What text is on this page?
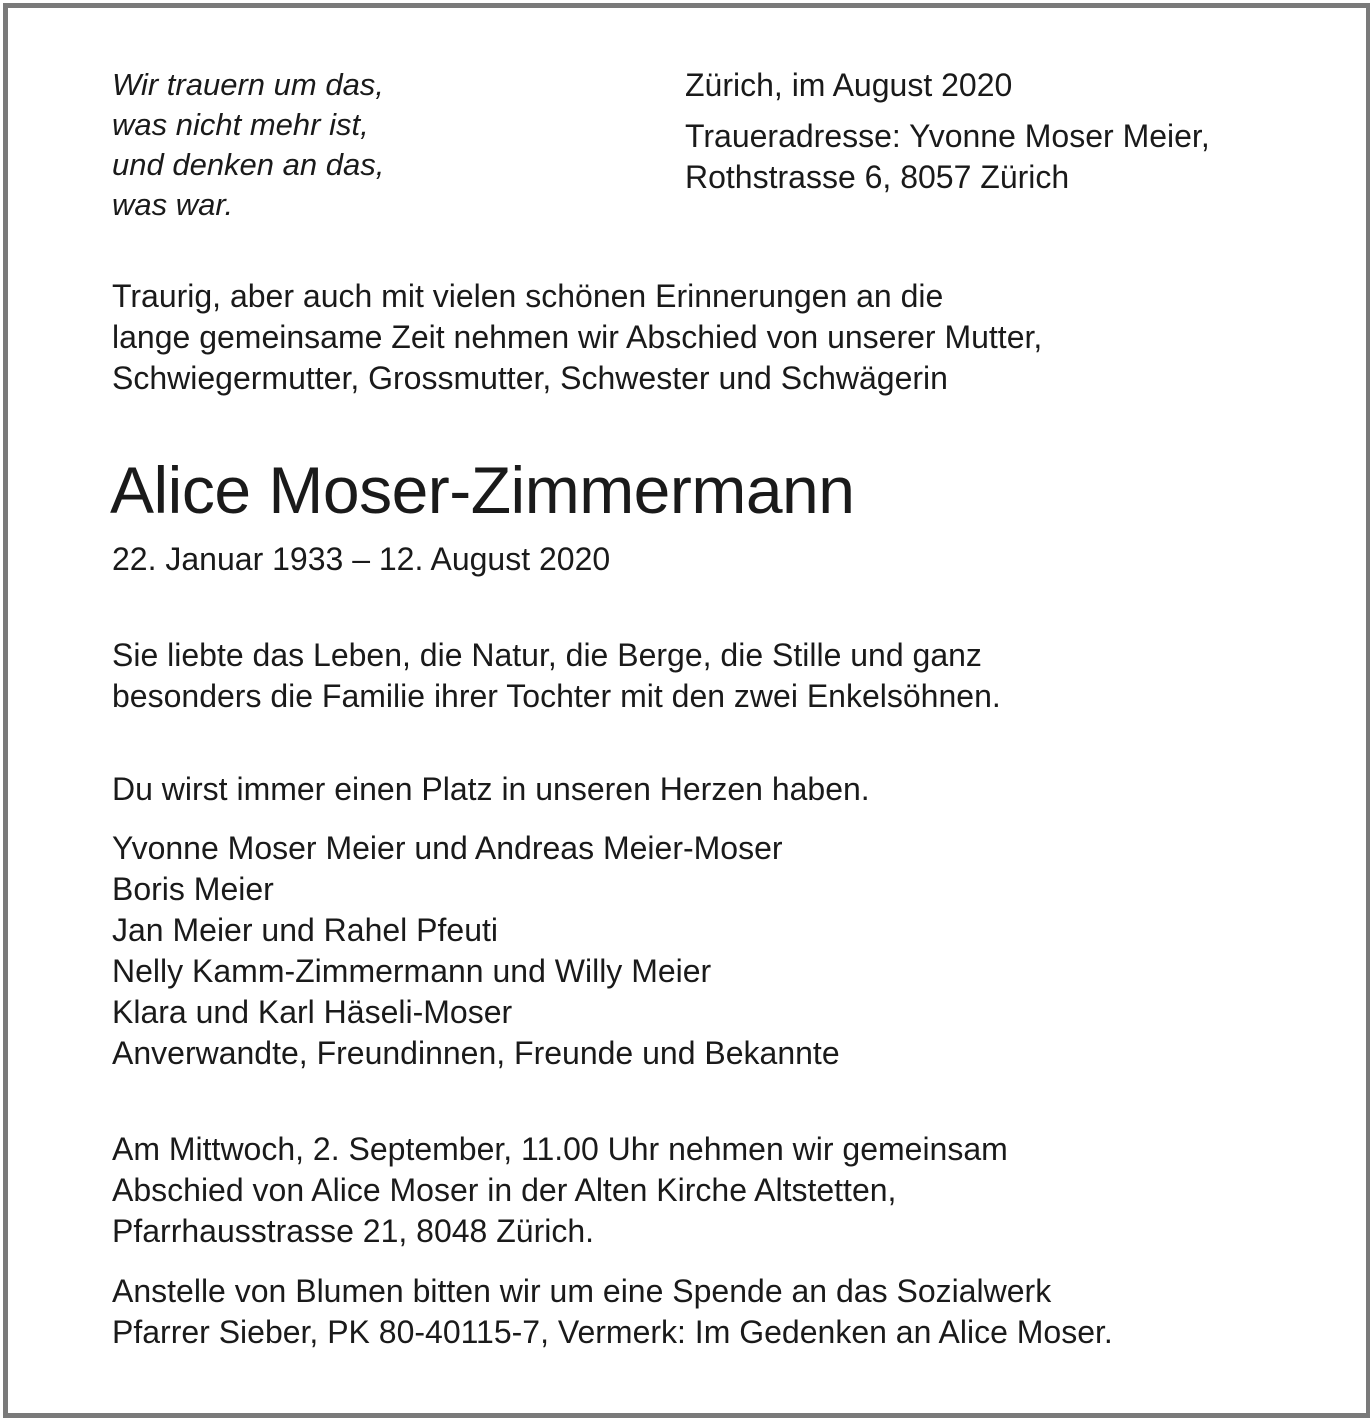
Wir trauern um das,
was nicht mehr ist,
und denken an das,
was war.
Zürich, im August 2020
Traueradresse: Yvonne Moser Meier,
Rothstrasse 6, 8057 Zürich
Traurig, aber auch mit vielen schönen Erinnerungen an die
lange gemeinsame Zeit nehmen wir Abschied von unserer Mutter,
Schwiegermutter, Grossmutter, Schwester und Schwägerin
Alice Moser-Zimmermann

22. Januar 1933 – 12. August 2020

Sie liebte das Leben, die Natur, die Berge, die Stille und ganz
besonders die Familie ihrer Tochter mit den zwei Enkelsöhnen.

Du wirst immer einen Platz in unseren Herzen haben.

Yvonne Moser Meier und Andreas Meier-Moser
Boris Meier
Jan Meier und Rahel Pfeuti
Nelly Kamm-Zimmermann und Willy Meier
Klara und Karl Häseli-Moser
Anverwandte, Freundinnen, Freunde und Bekannte
Am Mittwoch, 2. September, 11.00 Uhr nehmen wir gemeinsam
Abschied von Alice Moser in der Alten Kirche Altstetten,
Pfarrhausstrasse 21, 8048 Zürich.
Anstelle von Blumen bitten wir um eine Spende an das Sozialwerk
Pfarrer Sieber, PK 80-40115-7, Vermerk: Im Gedenken an Alice Moser.
